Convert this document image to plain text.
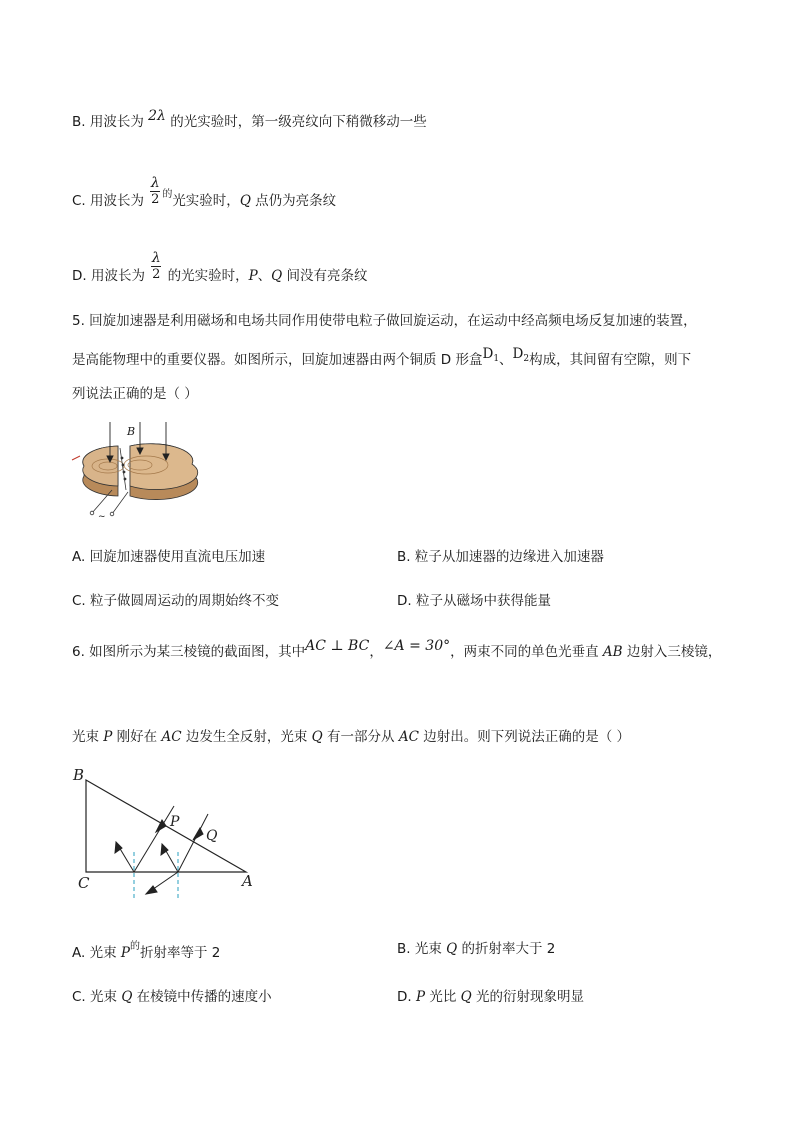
B. 用波长为 2λ 的光实验时，第一级亮纹向下稍微移动一些
C. 用波长为 $\frac{\lambda}{2} ^的$光实验时，Q 点仍为亮条纹
D. 用波长为 $\frac{\lambda}{2}$ 的光实验时，P、Q 间没有亮条纹
5. 回旋加速器是利用磁场和电场共同作用使带电粒子做回旋运动，在运动中经高频电场反复加速的装置，
是高能物理中的重要仪器。如图所示，回旋加速器由两个铜质 D 形盒$D_1$、$D_2$构成，其间留有空隙，则下
列说法正确的是（ ）
B
~
A. 回旋加速器使用直流电压加速	B. 粒子从加速器的边缘进入加速器
C. 粒子做圆周运动的周期始终不变	D. 粒子从磁场中获得能量
6. 如图所示为某三棱镜的截面图，其中AC ⊥ BC，∠A = 30°，两束不同的单色光垂直 AB 边射入三棱镜，
光束 P 刚好在 AC 边发生全反射，光束 Q 有一部分从 AC 边射出。则下列说法正确的是（ ）
B
C	A
P
Q
A. 光束 $P^的$折射率等于 2	B. 光束 Q 的折射率大于 2
C. 光束 Q 在棱镜中传播的速度小	D. P 光比 Q 光的衍射现象明显
